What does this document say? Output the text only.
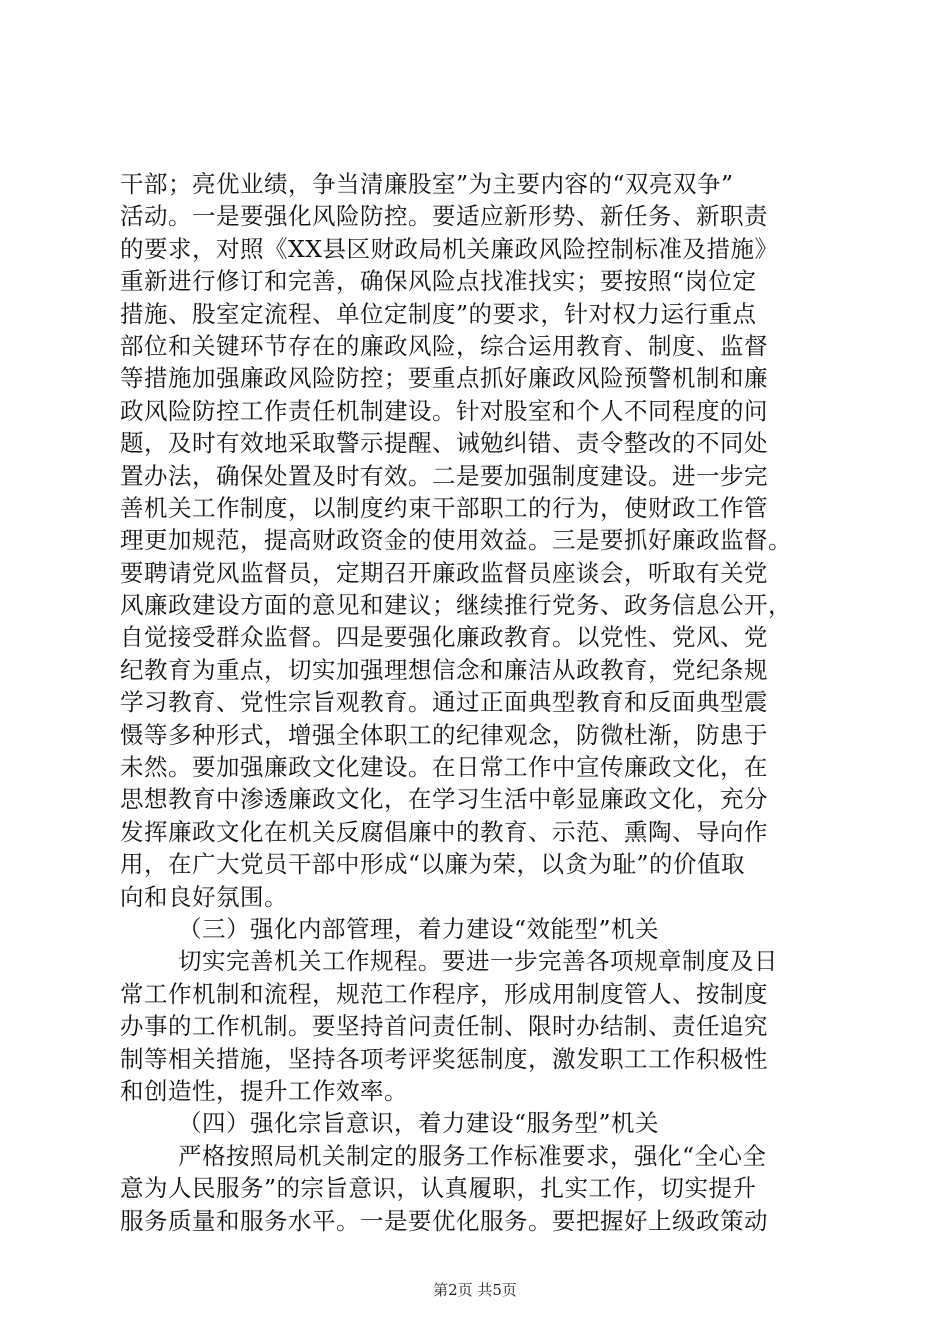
干部；亮优业绩，争当清廉股室”为主要内容的“双亮双争”
活动。一是要强化风险防控。要适应新形势、新任务、新职责
的要求，对照《XX县区财政局机关廉政风险控制标准及措施》
重新进行修订和完善，确保风险点找准找实；要按照“岗位定
措施、股室定流程、单位定制度”的要求，针对权力运行重点
部位和关键环节存在的廉政风险，综合运用教育、制度、监督
等措施加强廉政风险防控；要重点抓好廉政风险预警机制和廉
政风险防控工作责任机制建设。针对股室和个人不同程度的问
题，及时有效地采取警示提醒、诫勉纠错、责令整改的不同处
置办法，确保处置及时有效。二是要加强制度建设。进一步完
善机关工作制度，以制度约束干部职工的行为，使财政工作管
理更加规范，提高财政资金的使用效益。三是要抓好廉政监督。
要聘请党风监督员，定期召开廉政监督员座谈会，听取有关党
风廉政建设方面的意见和建议；继续推行党务、政务信息公开，
自觉接受群众监督。四是要强化廉政教育。以党性、党风、党
纪教育为重点，切实加强理想信念和廉洁从政教育，党纪条规
学习教育、党性宗旨观教育。通过正面典型教育和反面典型震
慑等多种形式，增强全体职工的纪律观念，防微杜渐，防患于
未然。要加强廉政文化建设。在日常工作中宣传廉政文化，在
思想教育中渗透廉政文化，在学习生活中彰显廉政文化，充分
发挥廉政文化在机关反腐倡廉中的教育、示范、熏陶、导向作
用，在广大党员干部中形成“以廉为荣，以贪为耻”的价值取
向和良好氛围。
（三）强化内部管理，着力建设“效能型”机关
切实完善机关工作规程。要进一步完善各项规章制度及日
常工作机制和流程，规范工作程序，形成用制度管人、按制度
办事的工作机制。要坚持首问责任制、限时办结制、责任追究
制等相关措施，坚持各项考评奖惩制度，激发职工工作积极性
和创造性，提升工作效率。
（四）强化宗旨意识，着力建设“服务型”机关
严格按照局机关制定的服务工作标准要求，强化“全心全
意为人民服务”的宗旨意识，认真履职，扎实工作，切实提升
服务质量和服务水平。一是要优化服务。要把握好上级政策动
第2页 共5页
